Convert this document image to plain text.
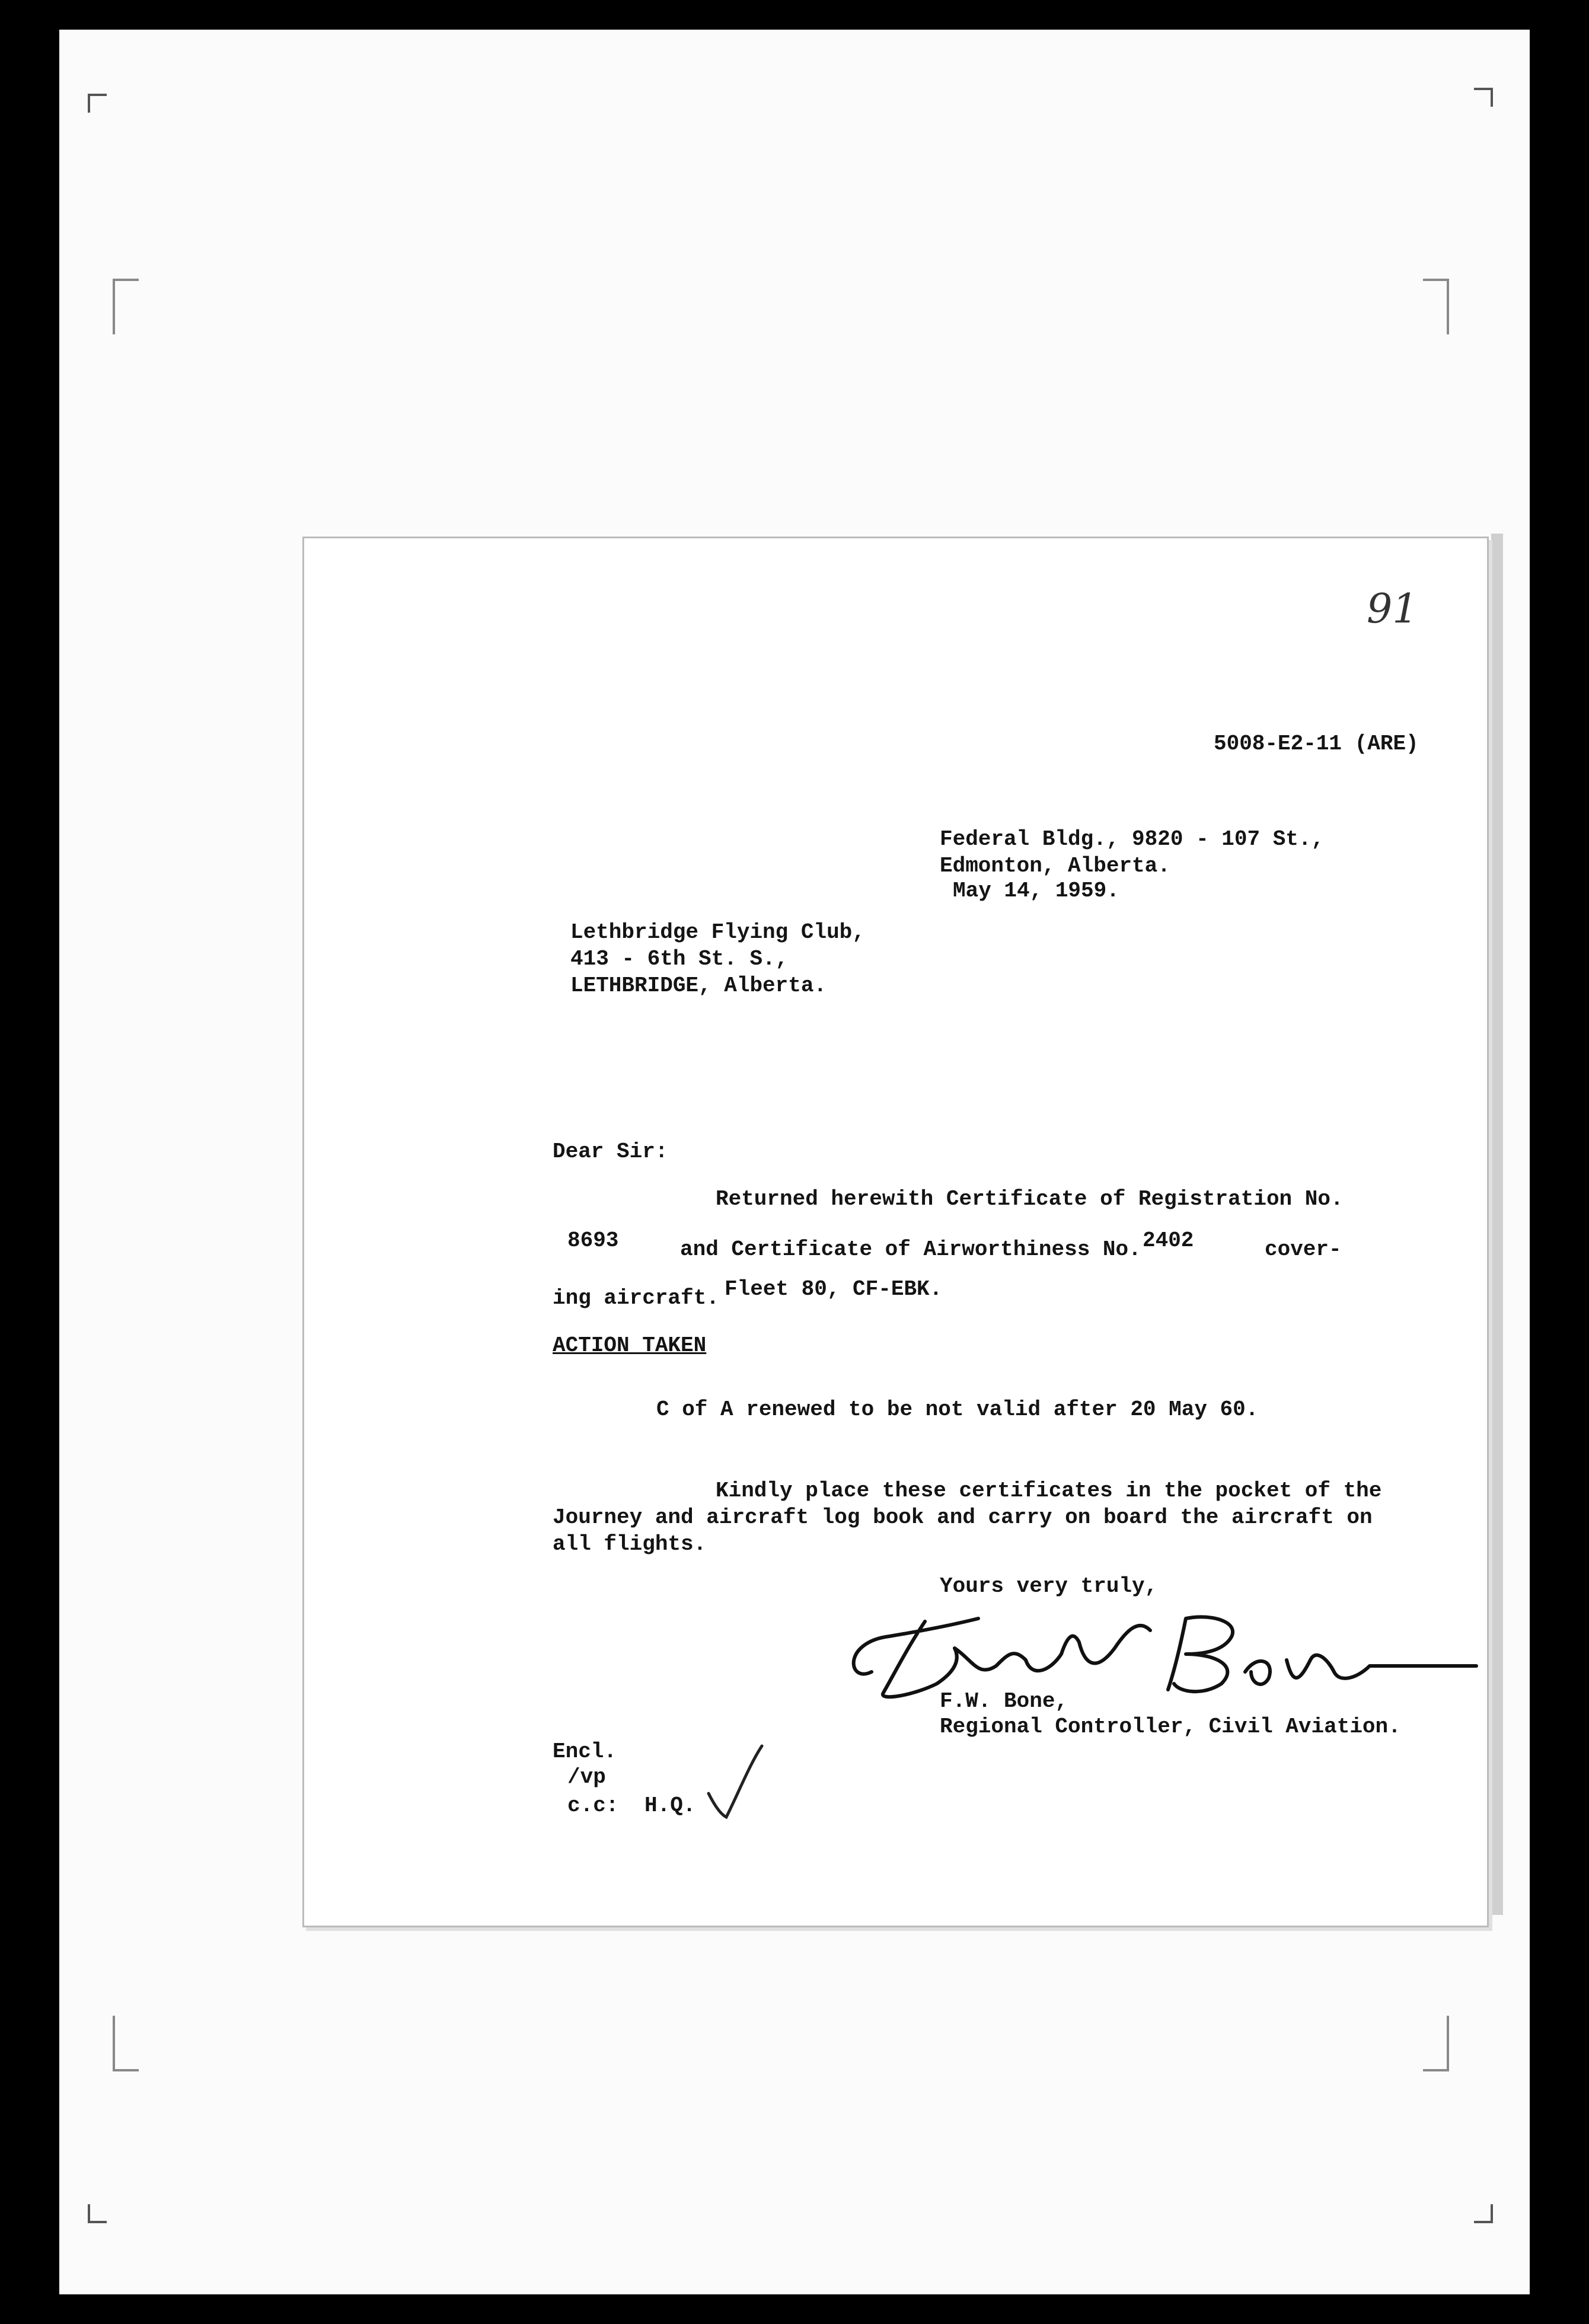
91
5008-E2-11 (ARE)
Federal Bldg., 9820 - 107 St.,
Edmonton, Alberta.
May 14, 1959.
Lethbridge Flying Club,
413 - 6th St. S.,
LETHBRIDGE, Alberta.
Dear Sir:
Returned herewith Certificate of Registration No.
8693	and Certificate of Airworthiness No. 2402	cover-
ing aircraft. Fleet 80, CF-EBK.
ACTION TAKEN
C of A renewed to be not valid after 20 May 60.
Kindly place these certificates in the pocket of the
Journey and aircraft log book and carry on board the aircraft on
all flights.
Yours very truly,
F.W. Bone,
Regional Controller, Civil Aviation.
Encl.
/vp
c.c: H.Q.
